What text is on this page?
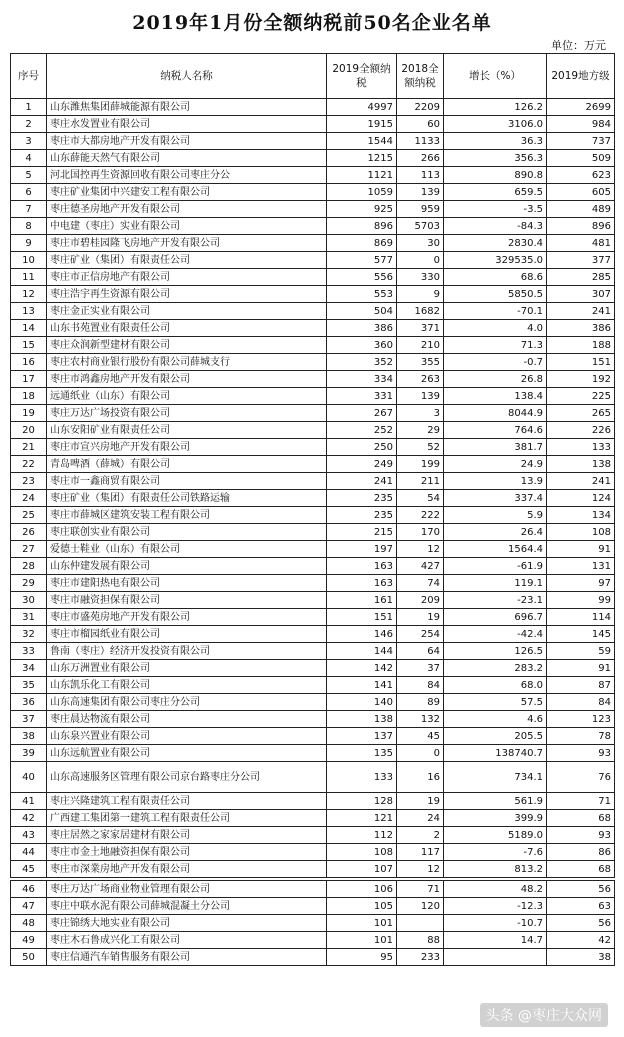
2019年1月份全额纳税前50名企业名单
单位：万元
序号	纳税人名称	2019全额纳税	2018全额纳税	增长（%）	2019地方级
1	山东潍焦集团薛城能源有限公司	4997	2209	126.2	2699
2	枣庄水发置业有限公司	1915	60	3106.0	984
3	枣庄市大都房地产开发有限公司	1544	1133	36.3	737
4	山东薛能天然气有限公司	1215	266	356.3	509
5	河北国控再生资源回收有限公司枣庄分公	1121	113	890.8	623
6	枣庄矿业集团中兴建安工程有限公司	1059	139	659.5	605
7	枣庄德圣房地产开发有限公司	925	959	-3.5	489
8	中电建（枣庄）实业有限公司	896	5703	-84.3	896
9	枣庄市碧桂园隆飞房地产开发有限公司	869	30	2830.4	481
10	枣庄矿业（集团）有限责任公司	577	0	329535.0	377
11	枣庄市正信房地产有限公司	556	330	68.6	285
12	枣庄浩宇再生资源有限公司	553	9	5850.5	307
13	枣庄金正实业有限公司	504	1682	-70.1	241
14	山东书苑置业有限责任公司	386	371	4.0	386
15	枣庄众润新型建材有限公司	360	210	71.3	188
16	枣庄农村商业银行股份有限公司薛城支行	352	355	-0.7	151
17	枣庄市鸿鑫房地产开发有限公司	334	263	26.8	192
18	远通纸业（山东）有限公司	331	139	138.4	225
19	枣庄万达广场投资有限公司	267	3	8044.9	265
20	山东安阳矿业有限责任公司	252	29	764.6	226
21	枣庄市宣兴房地产开发有限公司	250	52	381.7	133
22	青岛啤酒（薛城）有限公司	249	199	24.9	138
23	枣庄市一鑫商贸有限公司	241	211	13.9	241
24	枣庄矿业（集团）有限责任公司铁路运输	235	54	337.4	124
25	枣庄市薛城区建筑安装工程有限公司	235	222	5.9	134
26	枣庄联创实业有限公司	215	170	26.4	108
27	爱德士鞋业（山东）有限公司	197	12	1564.4	91
28	山东仲建发展有限公司	163	427	-61.9	131
29	枣庄市建阳热电有限公司	163	74	119.1	97
30	枣庄市融资担保有限公司	161	209	-23.1	99
31	枣庄市盛苑房地产开发有限公司	151	19	696.7	114
32	枣庄市榴园纸业有限公司	146	254	-42.4	145
33	鲁南（枣庄）经济开发投资有限公司	144	64	126.5	59
34	山东万洲置业有限公司	142	37	283.2	91
35	山东凯乐化工有限公司	141	84	68.0	87
36	山东高速集团有限公司枣庄分公司	140	89	57.5	84
37	枣庄晨达物流有限公司	138	132	4.6	123
38	山东泉兴置业有限公司	137	45	205.5	78
39	山东远航置业有限公司	135	0	138740.7	93
40	山东高速服务区管理有限公司京台路枣庄分公司	133	16	734.1	76
41	枣庄兴隆建筑工程有限责任公司	128	19	561.9	71
42	广西建工集团第一建筑工程有限责任公司	121	24	399.9	68
43	枣庄居然之家家居建材有限公司	112	2	5189.0	93
44	枣庄市金土地融资担保有限公司	108	117	-7.6	86
45	枣庄市深業房地产开发有限公司	107	12	813.2	68

46	枣庄万达广场商业物业管理有限公司	106	71	48.2	56
47	枣庄中联水泥有限公司薛城混凝土分公司	105	120	-12.3	63
48	枣庄锦绣大地实业有限公司	101		-10.7	56
49	枣庄木石鲁成兴化工有限公司	101	88	14.7	42
50	枣庄信通汽车销售服务有限公司	95	233		38
头条 @枣庄大众网
